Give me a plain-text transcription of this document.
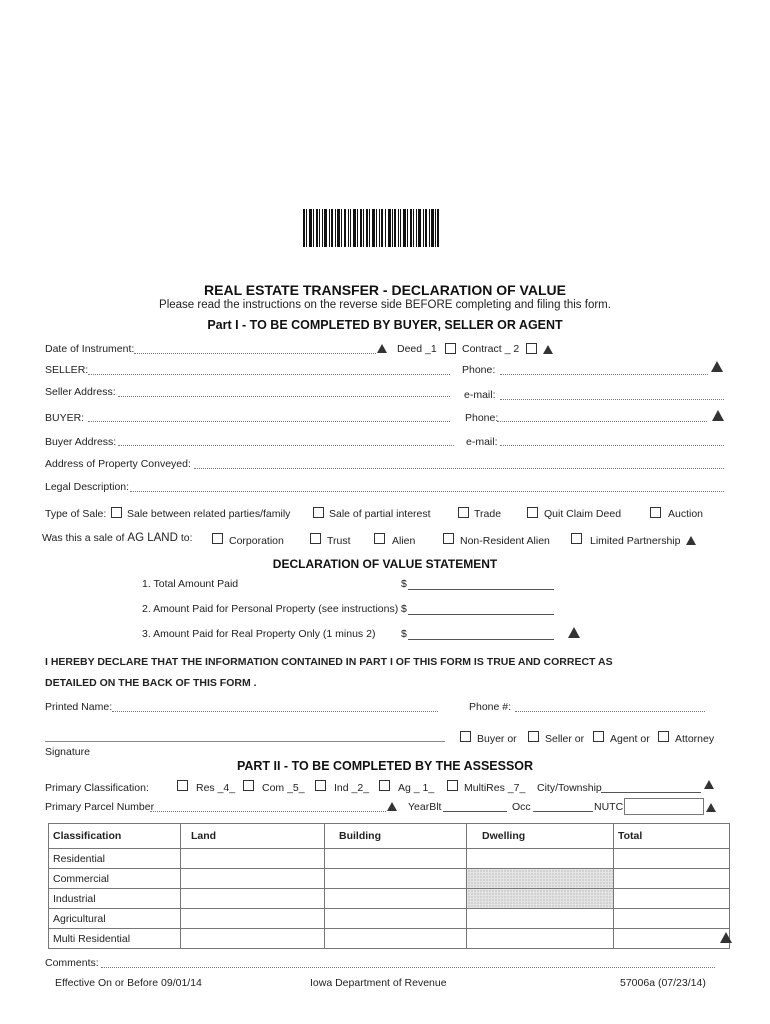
REAL ESTATE TRANSFER - DECLARATION OF VALUE
Please read the instructions on the reverse side BEFORE completing and filing this form.
Part I - TO BE COMPLETED BY BUYER, SELLER OR AGENT
Date of Instrument:	Deed _1 Contract _ 2
SELLER:	Phone:
Seller Address:	e-mail:
BUYER:	Phone:
Buyer Address:	e-mail:
Address of Property Conveyed:
Legal Description:
Type of Sale: Sale between related parties/family	Sale of partial interest	Trade	Quit Claim Deed	Auction
Was this a sale of AG LAND to:	Corporation	Trust	Alien	Non-Resident Alien	Limited Partnership
DECLARATION OF VALUE STATEMENT
1. Total Amount Paid	$
2. Amount Paid for Personal Property (see instructions) $
3. Amount Paid for Real Property Only (1 minus 2) $
I HEREBY DECLARE THAT THE INFORMATION CONTAINED IN PART I OF THIS FORM IS TRUE AND CORRECT AS
DETAILED ON THE BACK OF THIS FORM .
Printed Name:	Phone #:
Signature
Buyer or	Seller or Agent or Attorney
PART II - TO BE COMPLETED BY THE ASSESSOR
Primary Classification:	Res _4_	Com _5_	Ind _2_	Ag _ 1_	MultiRes _7_ City/Township
Primary Parcel Number	YearBlt	Occ	NUTC
Classification	Land	Building	Dwelling	Total
Residential				
Commercial				
Industrial				
Agricultural				
Multi Residential				
Comments:
Effective On or Before 09/01/14	Iowa Department of Revenue	57006a (07/23/14)
